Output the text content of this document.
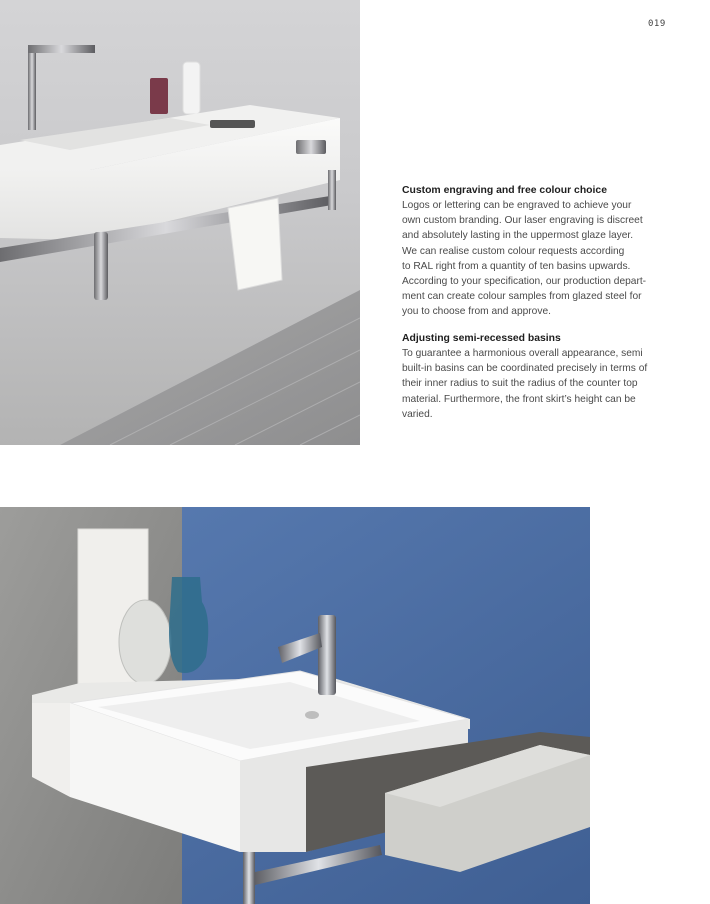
019
Custom engraving and free colour choice

Logos or lettering can be engraved to achieve your
own custom branding. Our laser engraving is discreet
and absolutely lasting in the uppermost glaze layer.
We can realise custom colour requests according
to RAL right from a quantity of ten basins upwards.
According to your specification, our production depart-
ment can create colour samples from glazed steel for
you to choose from and approve.

Adjusting semi-recessed basins

To guarantee a harmonious overall appearance, semi
built-in basins can be coordinated precisely in terms of
their inner radius to suit the radius of the counter top
material. Furthermore, the front skirt’s height can be
varied.
